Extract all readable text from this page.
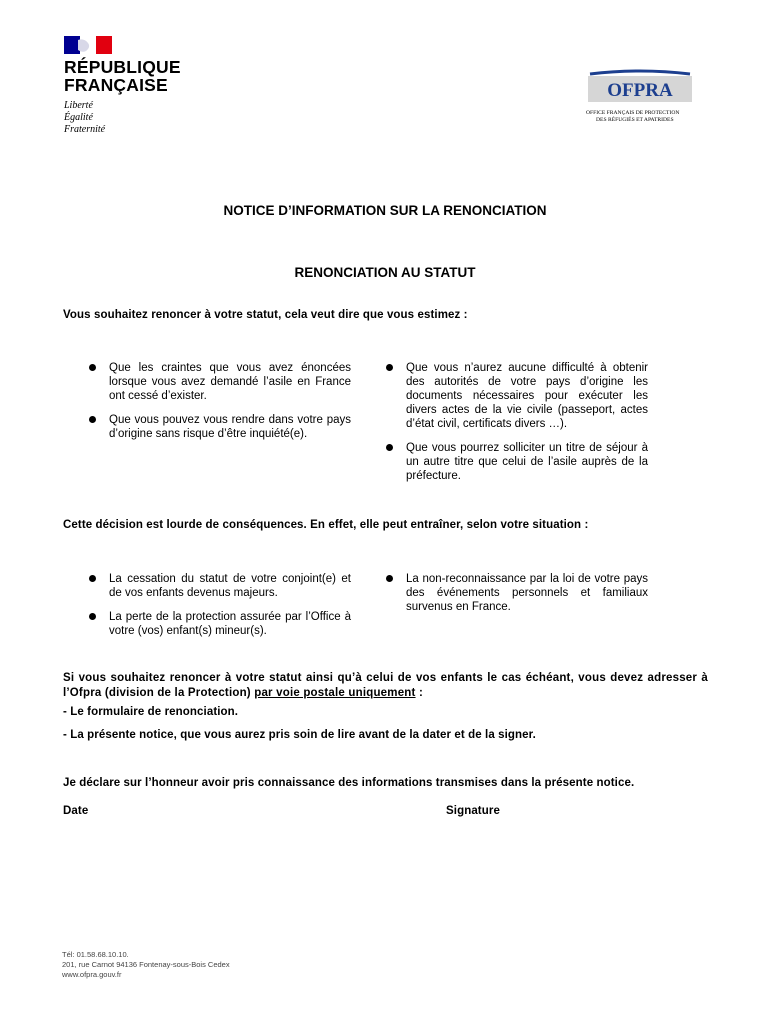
RÉPUBLIQUE
FRANÇAISE
Liberté
Égalité
Fraternité
OFPRA
OFFICE FRANÇAIS DE PROTECTION
DES RÉFUGIÉS ET APATRIDES
NOTICE D’INFORMATION SUR LA RENONCIATION
RENONCIATION AU STATUT
Vous souhaitez renoncer à votre statut, cela veut dire que vous estimez :
Que les craintes que vous avez énoncées lorsque vous avez demandé l’asile en France ont cessé d’exister.
Que vous pouvez vous rendre dans votre pays d’origine sans risque d’être inquiété(e).
Que vous n’aurez aucune difficulté à obtenir des autorités de votre pays d’origine les documents nécessaires pour exécuter les divers actes de la vie civile (passeport, actes d’état civil, certificats divers …).
Que vous pourrez solliciter un titre de séjour à un autre titre que celui de l’asile auprès de la préfecture.
Cette décision est lourde de conséquences. En effet, elle peut entraîner, selon votre situation :
La cessation du statut de votre conjoint(e) et de vos enfants devenus majeurs.
La perte de la protection assurée par l’Office à votre (vos) enfant(s) mineur(s).
La non-reconnaissance par la loi de votre pays des événements personnels et familiaux survenus en France.
Si vous souhaitez renoncer à votre statut ainsi qu’à celui de vos enfants le cas échéant, vous devez adresser à l’Ofpra (division de la Protection) par voie postale uniquement :
- Le formulaire de renonciation.
- La présente notice, que vous aurez pris soin de lire avant de la dater et de la signer.
Je déclare sur l’honneur avoir pris connaissance des informations transmises dans la présente notice.
Date	Signature
Tél: 01.58.68.10.10.
201, rue Carnot 94136 Fontenay-sous-Bois Cedex
www.ofpra.gouv.fr
